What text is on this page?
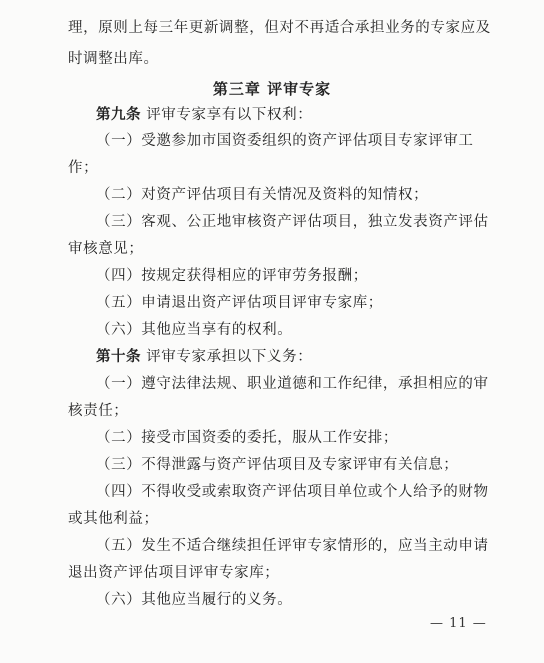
理，原则上每三年更新调整，但对不再适合承担业务的专家应及
时调整出库。
第三章 评审专家
第九条 评审专家享有以下权利：
（一）受邀参加市国资委组织的资产评估项目专家评审工
作；
（二）对资产评估项目有关情况及资料的知情权；
（三）客观、公正地审核资产评估项目，独立发表资产评估
审核意见；
（四）按规定获得相应的评审劳务报酬；
（五）申请退出资产评估项目评审专家库；
（六）其他应当享有的权利。
第十条 评审专家承担以下义务：
（一）遵守法律法规、职业道德和工作纪律，承担相应的审
核责任；
（二）接受市国资委的委托，服从工作安排；
（三）不得泄露与资产评估项目及专家评审有关信息；
（四）不得收受或索取资产评估项目单位或个人给予的财物
或其他利益；
（五）发生不适合继续担任评审专家情形的，应当主动申请
退出资产评估项目评审专家库；
（六）其他应当履行的义务。
— 11 —
